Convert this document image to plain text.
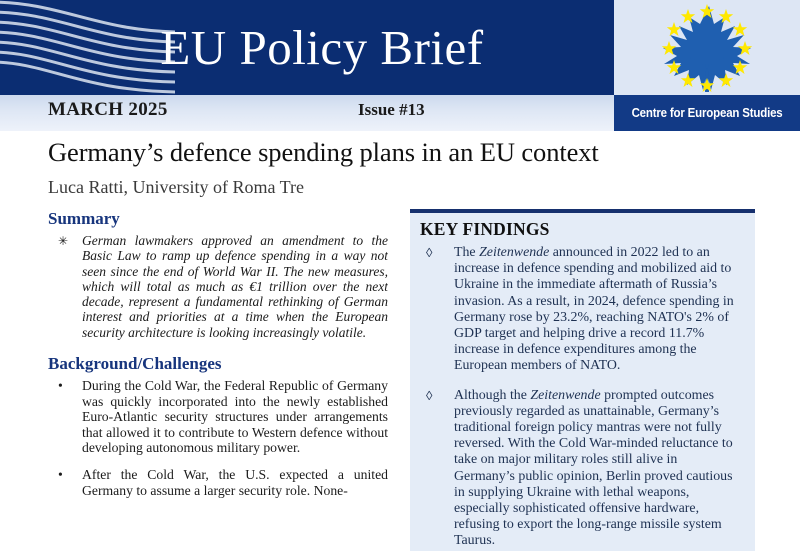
EU Policy Brief
MARCH 2025	Issue #13	Centre for European Studies
Germany’s defence spending plans in an EU context
Luca Ratti, University of Roma Tre
Summary
✳ German lawmakers approved an amendment to the Basic Law to ramp up defence spending in a way not seen since the end of World War II. The new measures, which will total as much as €1 trillion over the next decade, represent a fundamental rethinking of German interest and priorities at a time when the European security architecture is looking increasingly volatile.
Background/Challenges
• During the Cold War, the Federal Republic of Germany was quickly incorporated into the newly established Euro-Atlantic security structures under arrangements that allowed it to contribute to Western defence without developing autonomous military power.
• After the Cold War, the U.S. expected a united Germany to assume a larger security role. None-
KEY FINDINGS
◊ The Zeitenwende announced in 2022 led to an increase in defence spending and mobilized aid to Ukraine in the immediate aftermath of Russia’s invasion. As a result, in 2024, defence spending in Germany rose by 23.2%, reaching NATO's 2% of GDP target and helping drive a record 11.7% increase in defence expenditures among the European members of NATO.
◊ Although the Zeitenwende prompted outcomes previously regarded as unattainable, Germany’s traditional foreign policy mantras were not fully reversed. With the Cold War-minded reluctance to take on major military roles still alive in Germany’s public opinion, Berlin proved cautious in supplying Ukraine with lethal weapons, especially sophisticated offensive hardware, refusing to export the long-range missile system Taurus.
